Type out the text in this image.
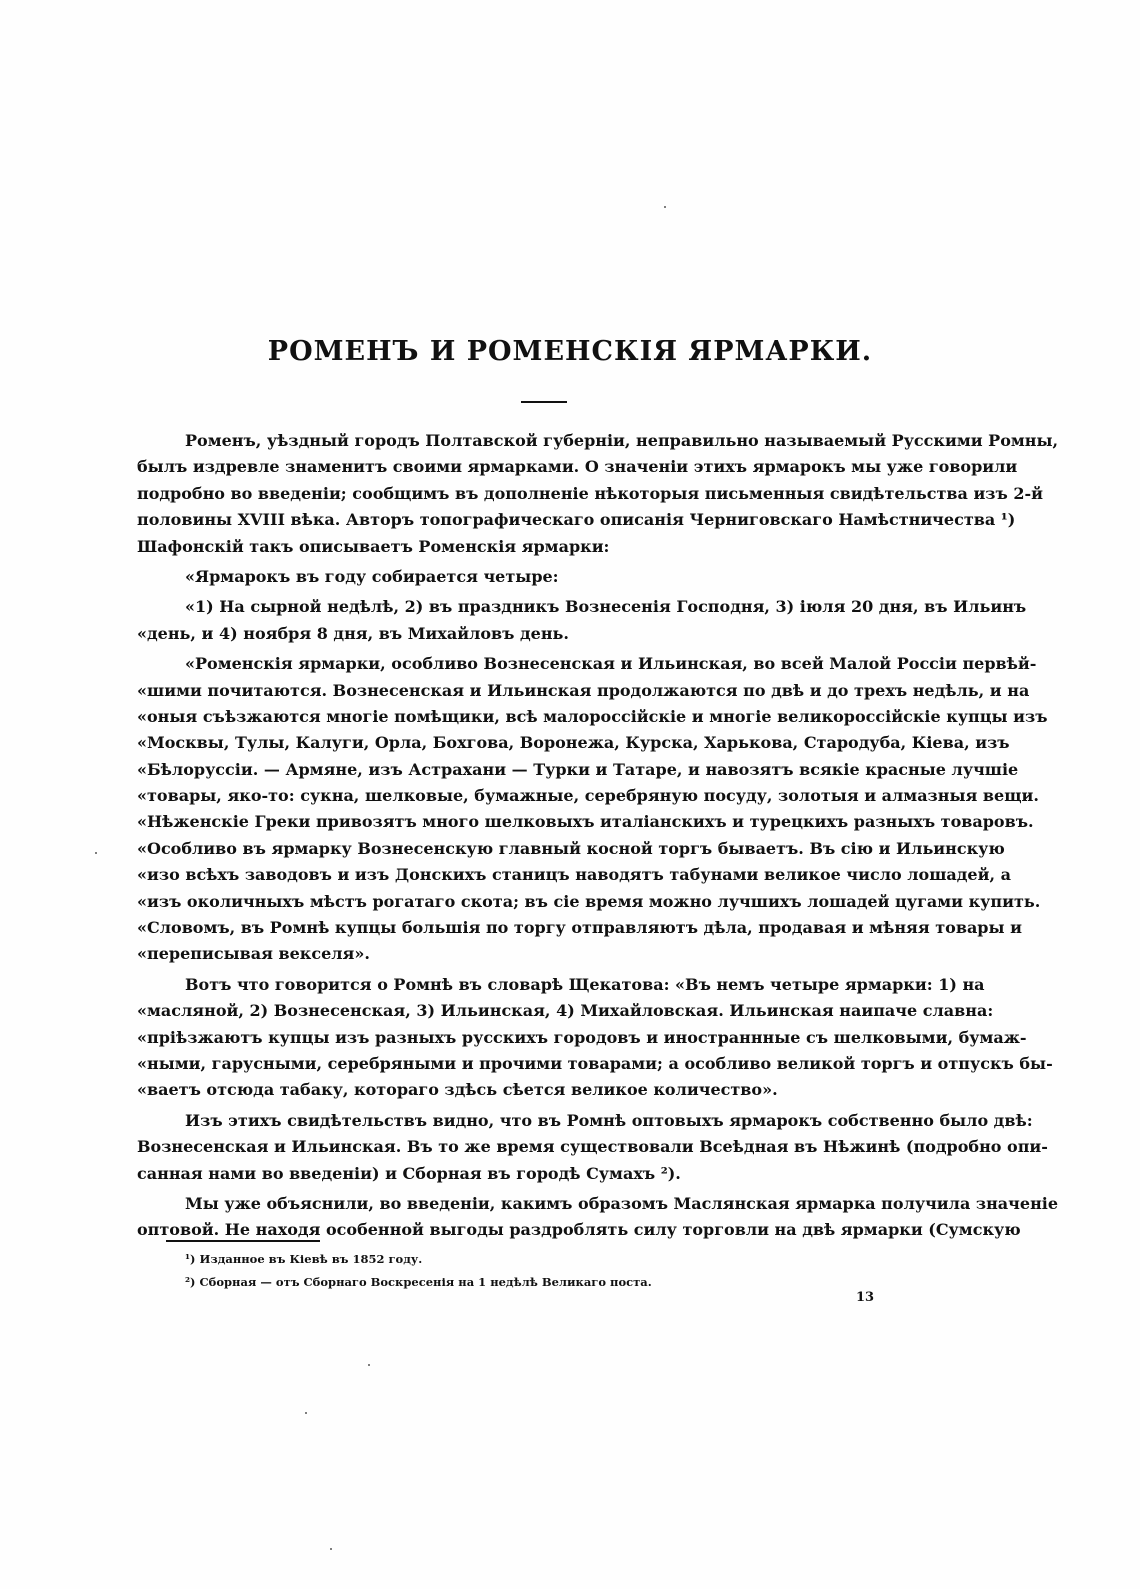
РОМЕНЪ И РОМЕНСКІЯ ЯРМАРКИ.
Роменъ, уѣздный городъ Полтавской губерніи, неправильно называемый Русскими Ромны,
былъ издревле знаменитъ своими ярмарками. О значеніи этихъ ярмарокъ мы уже говорили
подробно во введеніи; сообщимъ въ дополненіе нѣкоторыя письменныя свидѣтельства изъ 2-й
половины XVIII вѣка. Авторъ топографическаго описанія Черниговскаго Намѣстничества ¹)
Шафонскій такъ описываетъ Роменскія ярмарки:
«Ярмарокъ въ году собирается четыре:
«1) На сырной недѣлѣ, 2) въ праздникъ Вознесенія Господня, 3) іюля 20 дня, въ Ильинъ
«день, и 4) ноября 8 дня, въ Михайловъ день.
«Роменскія ярмарки, особливо Вознесенская и Ильинская, во всей Малой Россіи первѣй-
«шими почитаются. Вознесенская и Ильинская продолжаются по двѣ и до трехъ недѣль, и на
«оныя съѣзжаются многіе помѣщики, всѣ малороссійскіе и многіе великороссійскіе купцы изъ
«Москвы, Тулы, Калуги, Орла, Бохгова, Воронежа, Курска, Харькова, Стародуба, Кіева, изъ
«Бѣлоруссіи. — Армяне, изъ Астрахани — Турки и Татаре, и навозятъ всякіе красные лучшіе
«товары, яко-то: сукна, шелковые, бумажные, серебряную посуду, золотыя и алмазныя вещи.
«Нѣженскіе Греки привозятъ много шелковыхъ италіанскихъ и турецкихъ разныхъ товаровъ.
«Особливо въ ярмарку Вознесенскую главный косной торгъ бываетъ. Въ сію и Ильинскую
«изо всѣхъ заводовъ и изъ Донскихъ станицъ наводятъ табунами великое число лошадей, а
«изъ околичныхъ мѣстъ рогатаго скота; въ сіе время можно лучшихъ лошадей цугами купить.
«Словомъ, въ Ромнѣ купцы большія по торгу отправляютъ дѣла, продавая и мѣняя товары и
«переписывая векселя».
Вотъ что говорится о Ромнѣ въ словарѣ Щекатова: «Въ немъ четыре ярмарки: 1) на
«масляной, 2) Вознесенская, 3) Ильинская, 4) Михайловская. Ильинская наипаче славна:
«пріѣзжаютъ купцы изъ разныхъ русскихъ городовъ и иностраннные съ шелковыми, бумаж-
«ными, гарусными, серебряными и прочими товарами; а особливо великой торгъ и отпускъ бы-
«ваетъ отсюда табаку, котораго здѣсь сѣется великое количество».
Изъ этихъ свидѣтельствъ видно, что въ Ромнѣ оптовыхъ ярмарокъ собственно было двѣ:
Вознесенская и Ильинская. Въ то же время существовали Всеѣдная въ Нѣжинѣ (подробно опи-
санная нами во введеніи) и Сборная въ городѣ Сумахъ ²).
Мы уже объяснили, во введеніи, какимъ образомъ Маслянская ярмарка получила значеніе
оптовой. Не находя особенной выгоды раздроблять силу торговли на двѣ ярмарки (Сумскую
¹) Изданное въ Кіевѣ въ 1852 году.
²) Сборная — отъ Сборнаго Воскресенія на 1 недѣлѣ Великаго поста.
13
